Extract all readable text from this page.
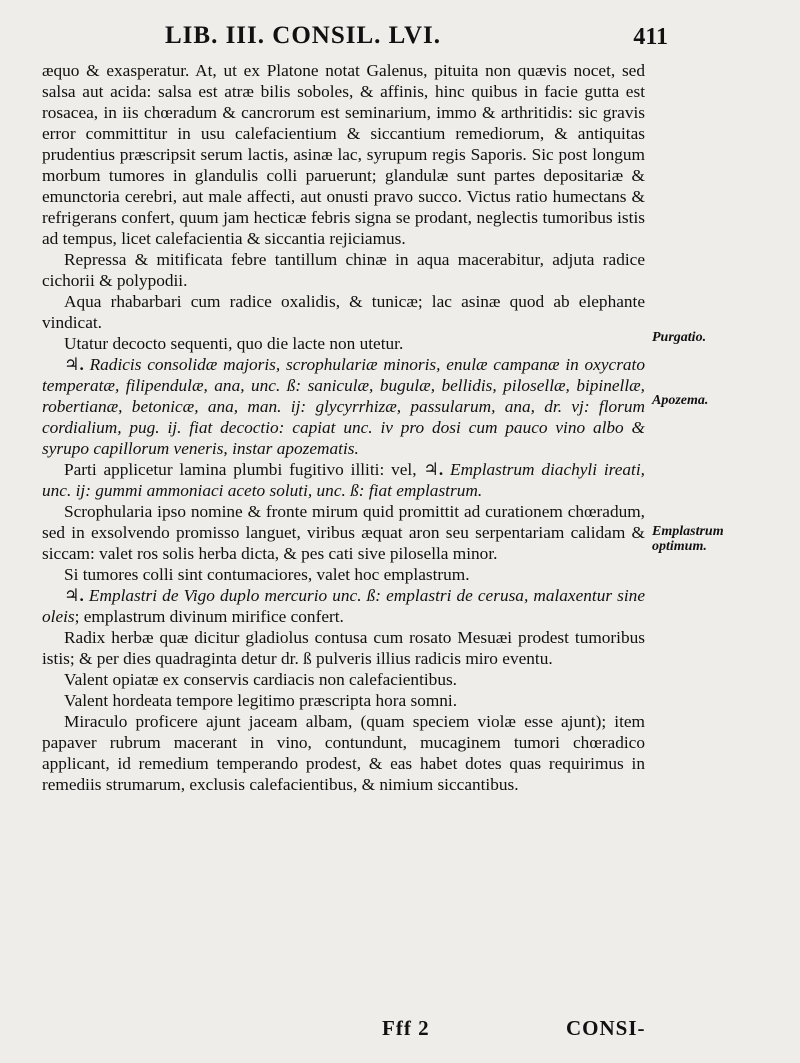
LIB. III. CONSIL. LVI.	411

æquo & exasperatur. At, ut ex Platone notat Galenus, pituita non quævis nocet, sed salsa aut acida: salsa est atræ bilis soboles, & affinis, hinc quibus in facie gutta est rosacea, in iis chœradum & cancrorum est seminarium, immo & arthritidis: sic gravis error committitur in usu calefacientium & siccantium remediorum, & antiquitas prudentius præscripsit serum lactis, asinæ lac, syrupum regis Saporis. Sic post longum morbum tumores in glandulis colli paruerunt; glandulæ sunt partes depositariæ & emunctoria cerebri, aut male affecti, aut onusti pravo succo. Victus ratio humectans & refrigerans confert, quum jam hecticæ febris signa se prodant, neglectis tumoribus istis ad tempus, licet calefacientia & siccantia rejiciamus.

Repressa & mitificata febre tantillum chinæ in aqua macerabitur, adjuta radice cichorii & polypodii.

Aqua rhabarbari cum radice oxalidis, & tunicæ; lac asinæ quod ab elephante vindicat.

Utatur decocto sequenti, quo die lacte non utetur.

♃. Radicis consolidæ majoris, scrophulariæ minoris, enulæ campanæ in oxycrato temperatæ, filipendulæ, ana, unc. ß: saniculæ, bugulæ, bellidis, pilosellæ, bipinellæ, robertianæ, betonicæ, ana, man. ij: glycyrrhizæ, passularum, ana, dr. vj: florum cordialium, pug. ij. fiat decoctio: capiat unc. iv pro dosi cum pauco vino albo & syrupo capillorum veneris, instar apozematis.

Parti applicetur lamina plumbi fugitivo illiti: vel, ♃. Emplastrum diachyli ireati, unc. ij: gummi ammoniaci aceto soluti, unc. ß: fiat emplastrum.

Scrophularia ipso nomine & fronte mirum quid promittit ad curationem chœradum, sed in exsolvendo promisso languet, viribus æquat aron seu serpentariam calidam & siccam: valet ros solis herba dicta, & pes cati sive pilosella minor.

Si tumores colli sint contumaciores, valet hoc emplastrum.

♃. Emplastri de Vigo duplo mercurio unc. ß: emplastri de cerusa, malaxentur sine oleis; emplastrum divinum mirifice confert.

Radix herbæ quæ dicitur gladiolus contusa cum rosato Mesuæi prodest tumoribus istis; & per dies quadraginta detur dr. ß pulveris illius radicis miro eventu.

Valent opiatæ ex conservis cardiacis non calefacientibus.

Valent hordeata tempore legitimo præscripta hora somni.

Miraculo proficere ajunt jaceam albam, (quam speciem violæ esse ajunt); item papaver rubrum macerant in vino, contundunt, mucaginem tumori chœradico applicant, id remedium temperando prodest, & eas habet dotes quas requirimus in remediis strumarum, exclusis calefacientibus, & nimium siccantibus.

Purgatio.
Apozema.
Emplastrum optimum.
Fff 2	CONSI-
